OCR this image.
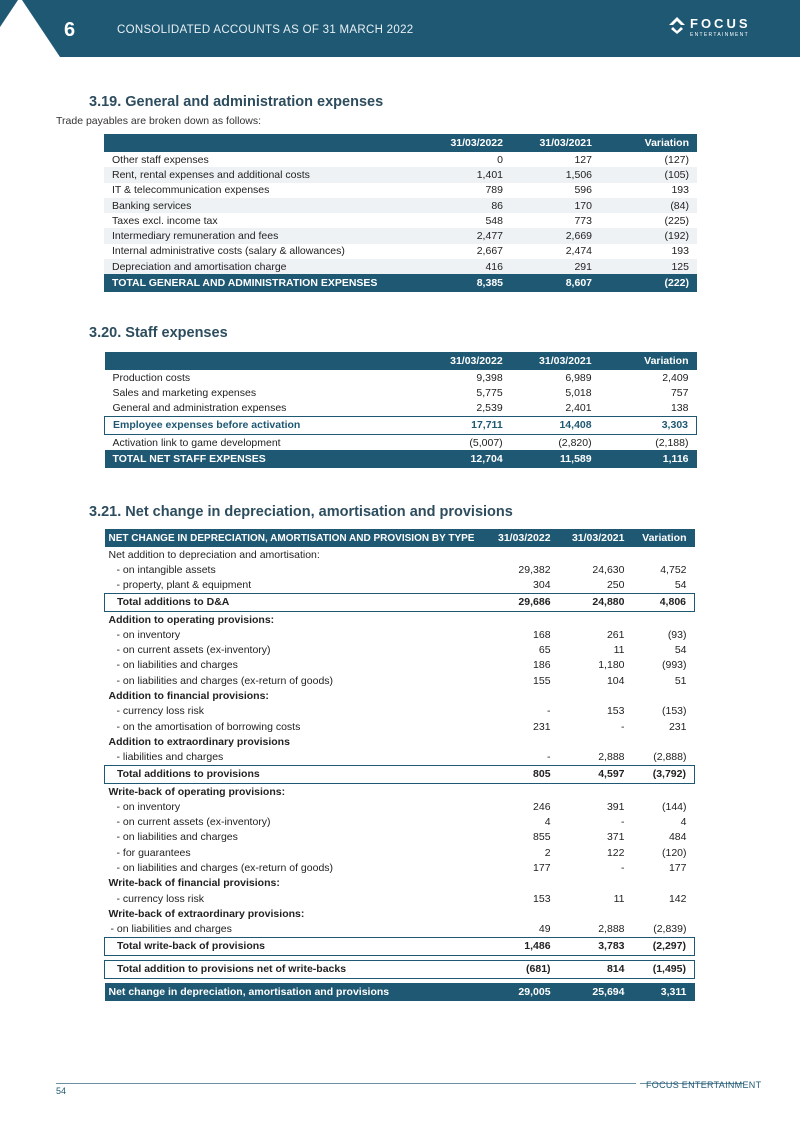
6	CONSOLIDATED ACCOUNTS AS OF 31 MARCH 2022	FOCUS
ENTERTAINMENT
3.19. General and administration expenses
Trade payables are broken down as follows:
	31/03/2022	31/03/2021	Variation
Other staff expenses	0	127	(127)
Rent, rental expenses and additional costs	1,401	1,506	(105)
IT & telecommunication expenses	789	596	193
Banking services	86	170	(84)
Taxes excl. income tax	548	773	(225)
Intermediary remuneration and fees	2,477	2,669	(192)
Internal administrative costs (salary & allowances)	2,667	2,474	193
Depreciation and amortisation charge	416	291	125
TOTAL GENERAL AND ADMINISTRATION EXPENSES	8,385	8,607	(222)
3.20. Staff expenses
	31/03/2022	31/03/2021	Variation
Production costs	9,398	6,989	2,409
Sales and marketing expenses	5,775	5,018	757
General and administration expenses	2,539	2,401	138
Employee expenses before activation	17,711	14,408	3,303
Activation link to game development	(5,007)	(2,820)	(2,188)
TOTAL NET STAFF EXPENSES	12,704	11,589	1,116
3.21. Net change in depreciation, amortisation and provisions
NET CHANGE IN DEPRECIATION, AMORTISATION AND PROVISION BY TYPE	31/03/2022	31/03/2021	Variation
Net addition to depreciation and amortisation:			
- on intangible assets	29,382	24,630	4,752
- property, plant & equipment	304	250	54
Total additions to D&A	29,686	24,880	4,806
Addition to operating provisions:			
- on inventory	168	261	(93)
- on current assets (ex-inventory)	65	11	54
- on liabilities and charges	186	1,180	(993)
- on liabilities and charges (ex-return of goods)	155	104	51
Addition to financial provisions:			
- currency loss risk	-	153	(153)
- on the amortisation of borrowing costs	231	-	231
Addition to extraordinary provisions			
- liabilities and charges	-	2,888	(2,888)
Total additions to provisions	805	4,597	(3,792)
Write-back of operating provisions:			
- on inventory	246	391	(144)
- on current assets (ex-inventory)	4	-	4
- on liabilities and charges	855	371	484
- for guarantees	2	122	(120)
- on liabilities and charges (ex-return of goods)	177	-	177
Write-back of financial provisions:			
- currency loss risk	153	11	142
Write-back of extraordinary provisions:			
- on liabilities and charges	49	2,888	(2,839)
Total write-back of provisions	1,486	3,783	(2,297)

Total addition to provisions net of write-backs	(681)	814	(1,495)

Net change in depreciation, amortisation and provisions	29,005	25,694	3,311
54
FOCUS ENTERTAINMENT
